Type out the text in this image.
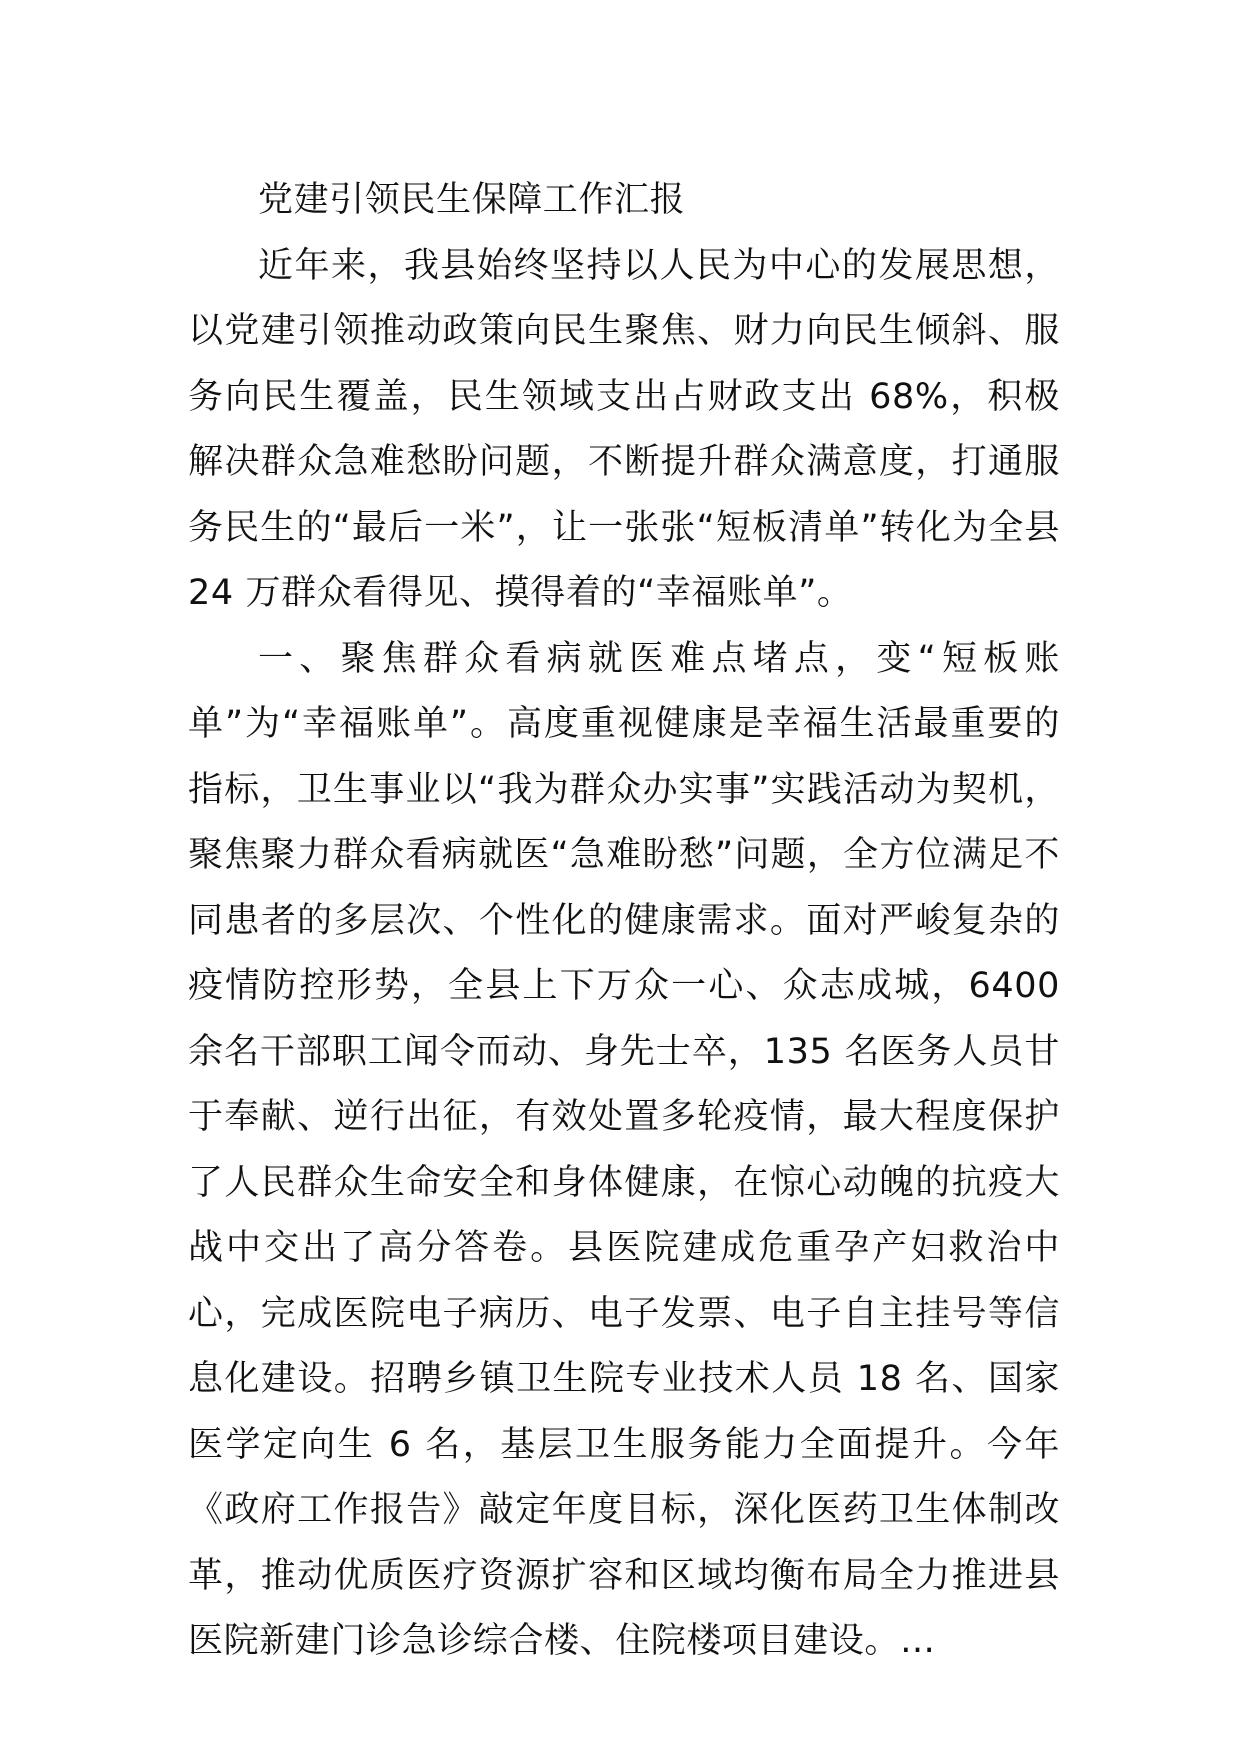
党建引领民生保障工作汇报

近年来，我县始终坚持以人民为中心的发展思想，以党建引领推动政策向民生聚焦、财力向民生倾斜、服务向民生覆盖，民生领域支出占财政支出 68%，积极解决群众急难愁盼问题，不断提升群众满意度，打通服务民生的“最后一米”，让一张张“短板清单”转化为全县 24 万群众看得见、摸得着的“幸福账单”。

一、聚焦群众看病就医难点堵点，变“短板账单”为“幸福账单”。高度重视健康是幸福生活最重要的指标，卫生事业以“我为群众办实事”实践活动为契机，聚焦聚力群众看病就医“急难盼愁”问题，全方位满足不同患者的多层次、个性化的健康需求。面对严峻复杂的疫情防控形势，全县上下万众一心、众志成城，6400 余名干部职工闻令而动、身先士卒，135 名医务人员甘于奉献、逆行出征，有效处置多轮疫情，最大程度保护了人民群众生命安全和身体健康，在惊心动魄的抗疫大战中交出了高分答卷。县医院建成危重孕产妇救治中心，完成医院电子病历、电子发票、电子自主挂号等信息化建设。招聘乡镇卫生院专业技术人员 18 名、国家医学定向生 6 名，基层卫生服务能力全面提升。今年《政府工作报告》敲定年度目标，深化医药卫生体制改革，推动优质医疗资源扩容和区域均衡布局全力推进县医院新建门诊急诊综合楼、住院楼项目建设。…
